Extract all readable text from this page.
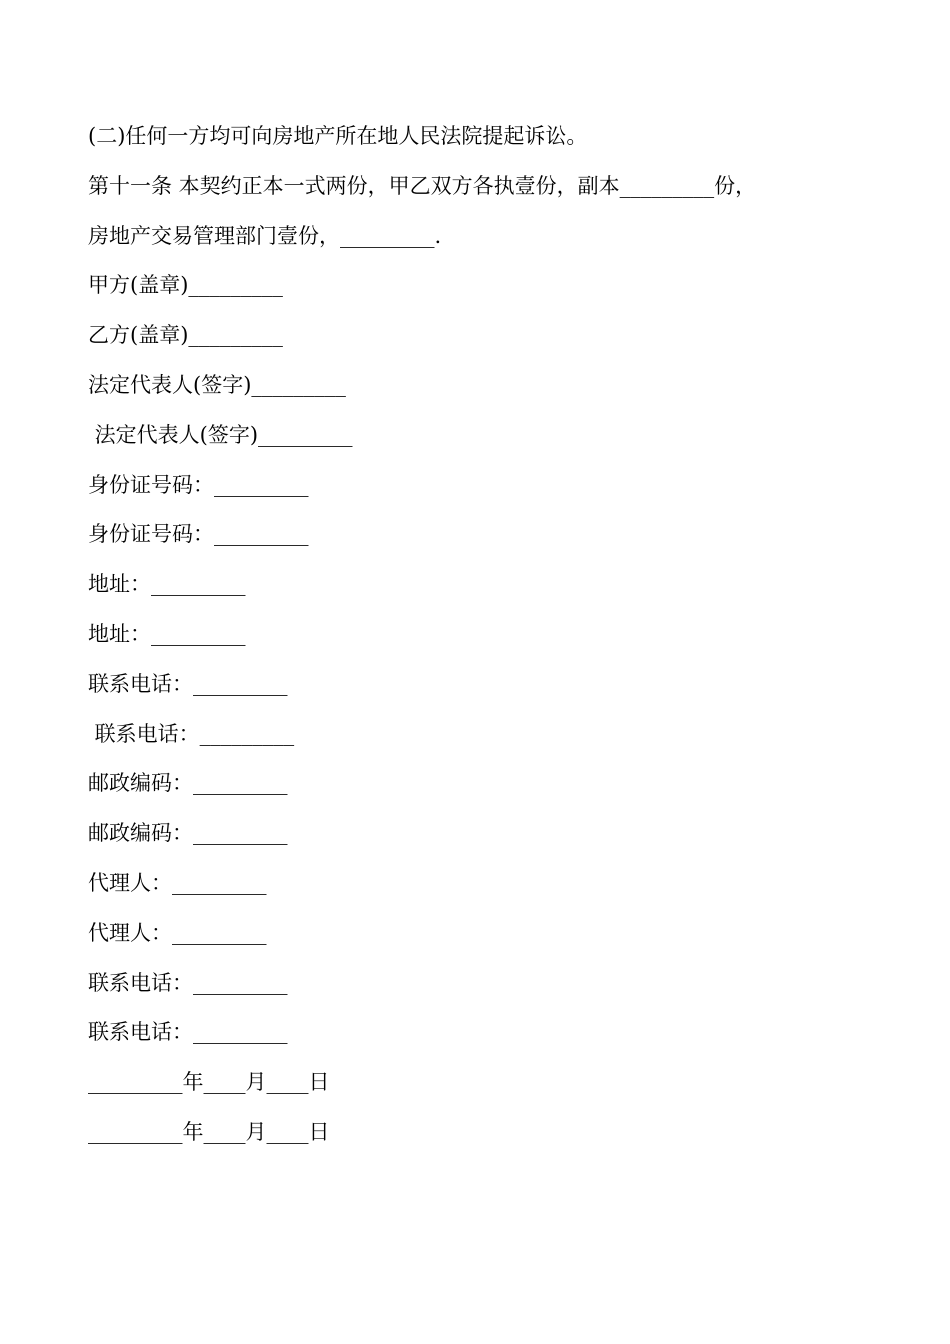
(二)任何一方均可向房地产所在地人民法院提起诉讼。
第十一条 本契约正本一式两份，甲乙双方各执壹份，副本_________份，
房地产交易管理部门壹份，_________.
甲方(盖章)_________
乙方(盖章)_________
法定代表人(签字)_________
法定代表人(签字)_________
身份证号码：_________
身份证号码：_________
地址：_________
地址：_________
联系电话：_________
联系电话：_________
邮政编码：_________
邮政编码：_________
代理人：_________
代理人：_________
联系电话：_________
联系电话：_________
_________年____月____日
_________年____月____日
